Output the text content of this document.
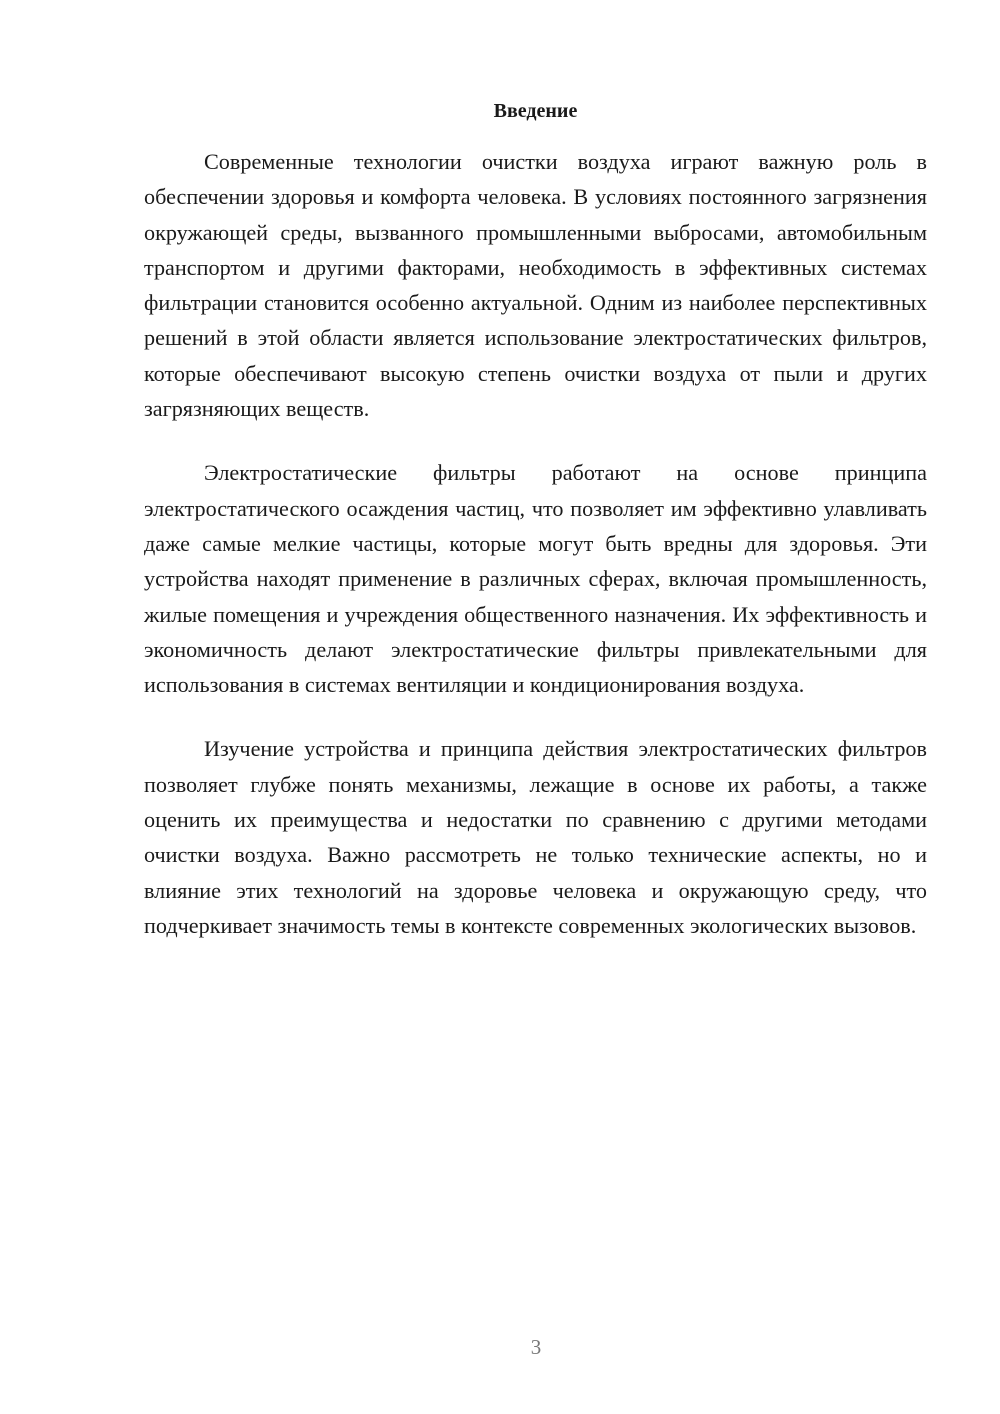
Введение

Современные технологии очистки воздуха играют важную роль в обеспечении здоровья и комфорта человека. В условиях постоянного загрязнения окружающей среды, вызванного промышленными выбросами, автомобильным транспортом и другими факторами, необходимость в эффективных системах фильтрации становится особенно актуальной. Одним из наиболее перспективных решений в этой области является использование электростатических фильтров, которые обеспечивают высокую степень очистки воздуха от пыли и других загрязняющих веществ.

Электростатические фильтры работают на основе принципа электростатического осаждения частиц, что позволяет им эффективно улавливать даже самые мелкие частицы, которые могут быть вредны для здоровья. Эти устройства находят применение в различных сферах, включая промышленность, жилые помещения и учреждения общественного назначения. Их эффективность и экономичность делают электростатические фильтры привлекательными для использования в системах вентиляции и кондиционирования воздуха.

Изучение устройства и принципа действия электростатических фильтров позволяет глубже понять механизмы, лежащие в основе их работы, а также оценить их преимущества и недостатки по сравнению с другими методами очистки воздуха. Важно рассмотреть не только технические аспекты, но и влияние этих технологий на здоровье человека и окружающую среду, что подчеркивает значимость темы в контексте современных экологических вызовов.

3
